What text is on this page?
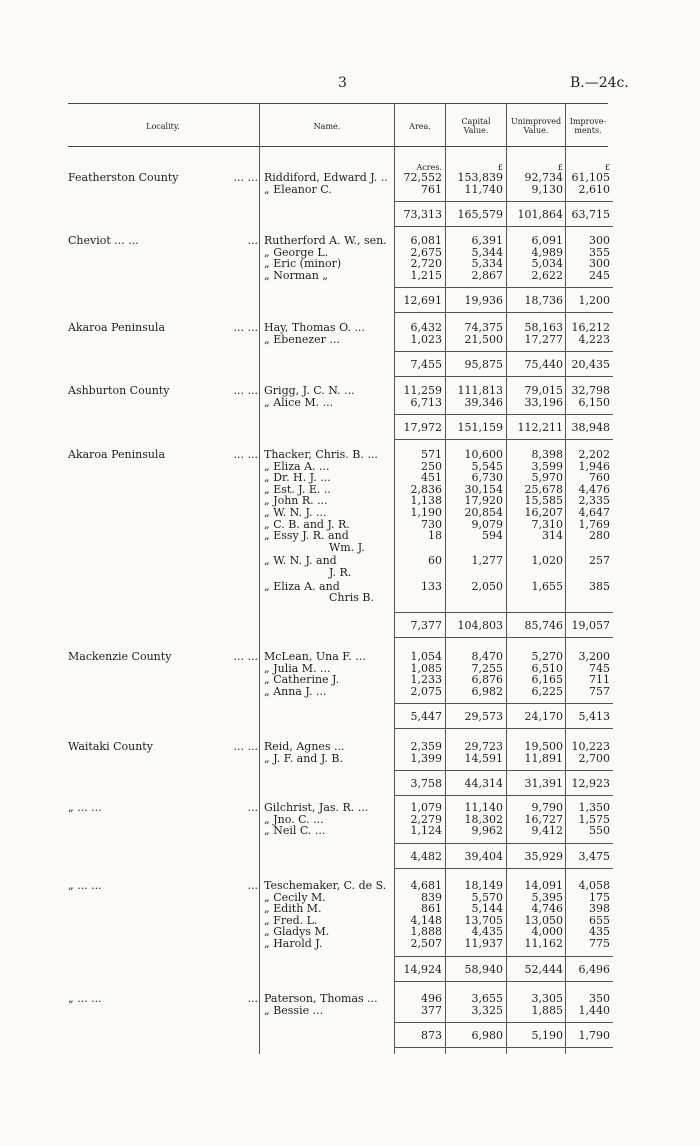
3	B.—24c.
Locality.	Name.	Area.	Capital
Value.
Unimproved
Value.
Improve-
ments.
Acres.	£	£	£
Featherston County	... ... Riddiford, Edward J. ..	72,552	153,839	92,734 61,105
„ Eleanor C.	761	11,740	9,130	2,610
73,313	165,579	101,864 63,715
Cheviot ... ...	... Rutherford A. W., sen.	6,081	6,391	6,091	300
„ George L.	2,675	5,344	4,989	355
„ Eric (minor)	2,720	5,334	5,034	300
„ Norman „	1,215	2,867	2,622	245
12,691	19,936	18,736	1,200
Akaroa Peninsula	... ... Hay, Thomas O. ...	6,432	74,375	58,163 16,212
„ Ebenezer ...	1,023	21,500	17,277	4,223
7,455	95,875	75,440 20,435
Ashburton County	... ... Grigg, J. C. N. ...	11,259	111,813	79,015 32,798
„ Alice M. ...	6,713	39,346	33,196	6,150
17,972	151,159	112,211 38,948
Akaroa Peninsula	... ... Thacker, Chris. B. ...	571	10,600	8,398	2,202
„ Eliza A. ...	250	5,545	3,599	1,946
„ Dr. H. J. ...	451	6,730	5,970	760
„ Est. J. E. ..	2,836	30,154	25,678	4,476
„ John R. ...	1,138	17,920	15,585	2,335
„ W. N. J. ...	1,190	20,854	16,207	4,647
„ C. B. and J. R.	730	9,079	7,310	1,769
„ Essy J. R. and
Wm. J.
18	594	314	280
„ W. N. J. and
J. R.
60	1,277	1,020	257
„ Eliza A. and
Chris B.
133	2,050	1,655	385
7,377	104,803	85,746 19,057
Mackenzie County	... ... McLean, Una F. ...	1,054	8,470	5,270	3,200
„ Julia M. ...	1,085	7,255	6,510	745
„ Catherine J.	1,233	6,876	6,165	711
„ Anna J. ...	2,075	6,982	6,225	757
5,447	29,573	24,170	5,413
Waitaki County	... ... Reid, Agnes ...	2,359	29,723	19,500 10,223
„ J. F. and J. B.	1,399	14,591	11,891	2,700
3,758	44,314	31,391 12,923
„ ... ...	... Gilchrist, Jas. R. ...	1,079	11,140	9,790	1,350
„ Jno. C. ...	2,279	18,302	16,727	1,575
„ Neil C. ...	1,124	9,962	9,412	550
4,482	39,404	35,929	3,475
„ ... ...	... Teschemaker, C. de S.	4,681	18,149	14,091	4,058
„ Cecily M.	839	5,570	5,395	175
„ Edith M.	861	5,144	4,746	398
„ Fred. L.	4,148	13,705	13,050	655
„ Gladys M.	1,888	4,435	4,000	435
„ Harold J.	2,507	11,937	11,162	775
14,924	58,940	52,444	6,496
„ ... ...	... Paterson, Thomas ...	496	3,655	3,305	350
„ Bessie ...	377	3,325	1,885	1,440
873	6,980	5,190	1,790
